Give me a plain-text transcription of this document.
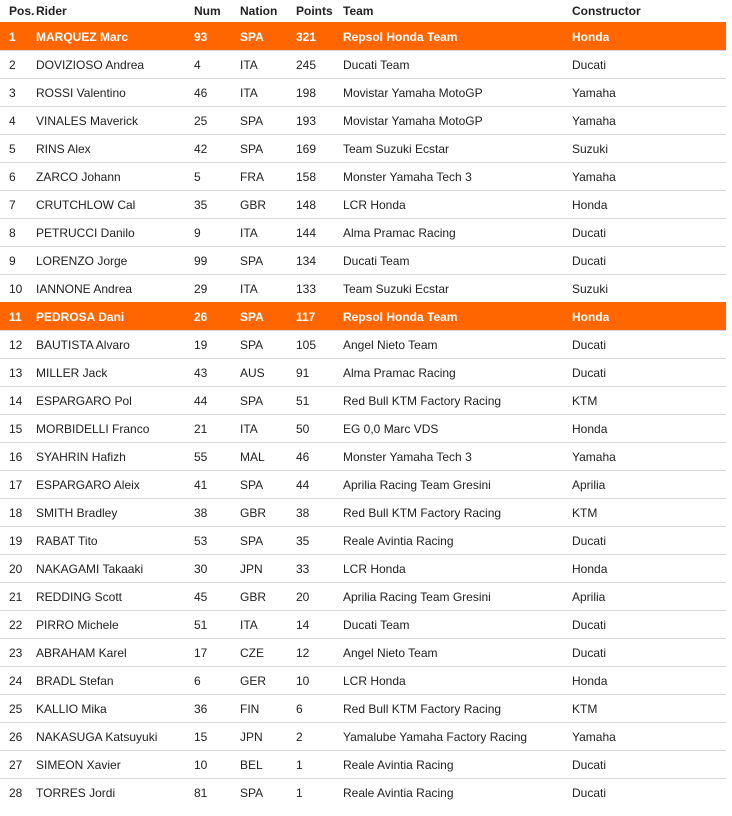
Pos.	Rider	Num	Nation	Points	Team	Constructor
1	MARQUEZ Marc	93	SPA	321	Repsol Honda Team	Honda
2	DOVIZIOSO Andrea	4	ITA	245	Ducati Team	Ducati
3	ROSSI Valentino	46	ITA	198	Movistar Yamaha MotoGP	Yamaha
4	VINALES Maverick	25	SPA	193	Movistar Yamaha MotoGP	Yamaha
5	RINS Alex	42	SPA	169	Team Suzuki Ecstar	Suzuki
6	ZARCO Johann	5	FRA	158	Monster Yamaha Tech 3	Yamaha
7	CRUTCHLOW Cal	35	GBR	148	LCR Honda	Honda
8	PETRUCCI Danilo	9	ITA	144	Alma Pramac Racing	Ducati
9	LORENZO Jorge	99	SPA	134	Ducati Team	Ducati
10	IANNONE Andrea	29	ITA	133	Team Suzuki Ecstar	Suzuki
11	PEDROSA Dani	26	SPA	117	Repsol Honda Team	Honda
12	BAUTISTA Alvaro	19	SPA	105	Angel Nieto Team	Ducati
13	MILLER Jack	43	AUS	91	Alma Pramac Racing	Ducati
14	ESPARGARO Pol	44	SPA	51	Red Bull KTM Factory Racing	KTM
15	MORBIDELLI Franco	21	ITA	50	EG 0,0 Marc VDS	Honda
16	SYAHRIN Hafizh	55	MAL	46	Monster Yamaha Tech 3	Yamaha
17	ESPARGARO Aleix	41	SPA	44	Aprilia Racing Team Gresini	Aprilia
18	SMITH Bradley	38	GBR	38	Red Bull KTM Factory Racing	KTM
19	RABAT Tito	53	SPA	35	Reale Avintia Racing	Ducati
20	NAKAGAMI Takaaki	30	JPN	33	LCR Honda	Honda
21	REDDING Scott	45	GBR	20	Aprilia Racing Team Gresini	Aprilia
22	PIRRO Michele	51	ITA	14	Ducati Team	Ducati
23	ABRAHAM Karel	17	CZE	12	Angel Nieto Team	Ducati
24	BRADL Stefan	6	GER	10	LCR Honda	Honda
25	KALLIO Mika	36	FIN	6	Red Bull KTM Factory Racing	KTM
26	NAKASUGA Katsuyuki	15	JPN	2	Yamalube Yamaha Factory Racing	Yamaha
27	SIMEON Xavier	10	BEL	1	Reale Avintia Racing	Ducati
28	TORRES Jordi	81	SPA	1	Reale Avintia Racing	Ducati
